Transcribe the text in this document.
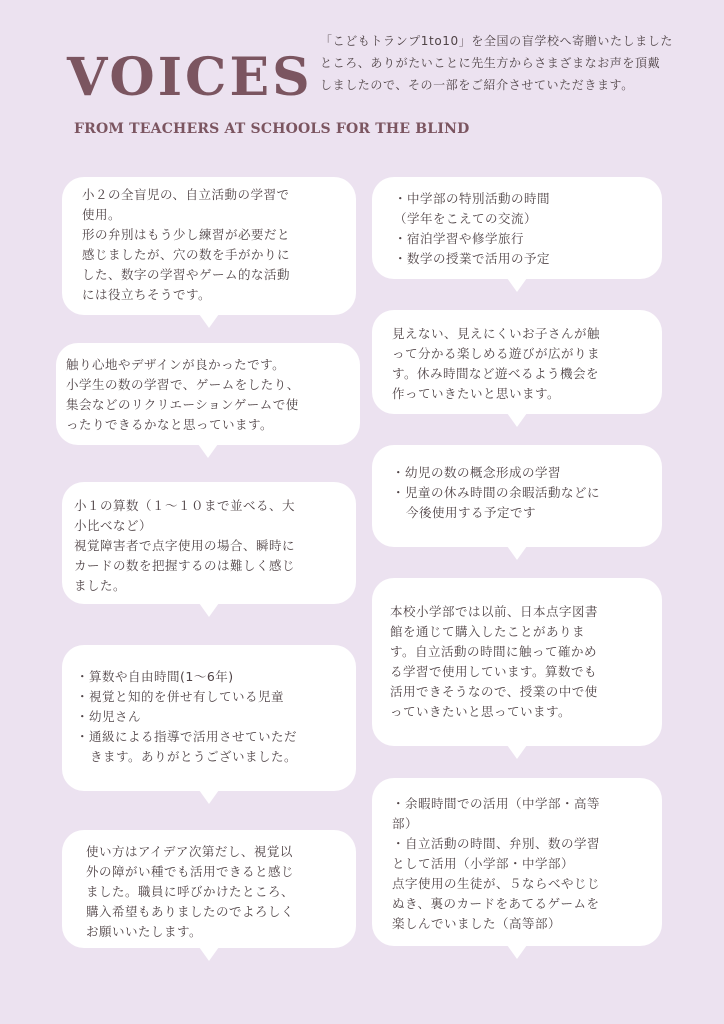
VOICES
FROM TEACHERS AT SCHOOLS FOR THE BLIND
「こどもトランプ1to10」を全国の盲学校へ寄贈いたしました
ところ、ありがたいことに先生方からさまざまなお声を頂戴
しましたので、その一部をご紹介させていただきます。
小２の全盲児の、自立活動の学習で
使用。
形の弁別はもう少し練習が必要だと
感じましたが、穴の数を手がかりに
した、数字の学習やゲーム的な活動
には役立ちそうです。
触り心地やデザインが良かったです。
小学生の数の学習で、ゲームをしたり、
集会などのリクリエーションゲームで使
ったりできるかなと思っています。
小１の算数（１～１０まで並べる、大
小比べなど）
視覚障害者で点字使用の場合、瞬時に
カードの数を把握するのは難しく感じ
ました。
・算数や自由時間(1～6年)
・視覚と知的を併せ有している児童
・幼児さん
・通級による指導で活用させていただ
きます。ありがとうございました。
使い方はアイデア次第だし、視覚以
外の障がい種でも活用できると感じ
ました。職員に呼びかけたところ、
購入希望もありましたのでよろしく
お願いいたします。
・中学部の特別活動の時間
（学年をこえての交流）
・宿泊学習や修学旅行
・数学の授業で活用の予定
見えない、見えにくいお子さんが触
って分かる楽しめる遊びが広がりま
す。休み時間など遊べるよう機会を
作っていきたいと思います。
・幼児の数の概念形成の学習
・児童の休み時間の余暇活動などに
今後使用する予定です
本校小学部では以前、日本点字図書
館を通じて購入したことがありま
す。自立活動の時間に触って確かめ
る学習で使用しています。算数でも
活用できそうなので、授業の中で使
っていきたいと思っています。
・余暇時間での活用（中学部・高等
部）
・自立活動の時間、弁別、数の学習
として活用（小学部・中学部）
点字使用の生徒が、５ならべやじじ
ぬき、裏のカードをあてるゲームを
楽しんでいました（高等部）
